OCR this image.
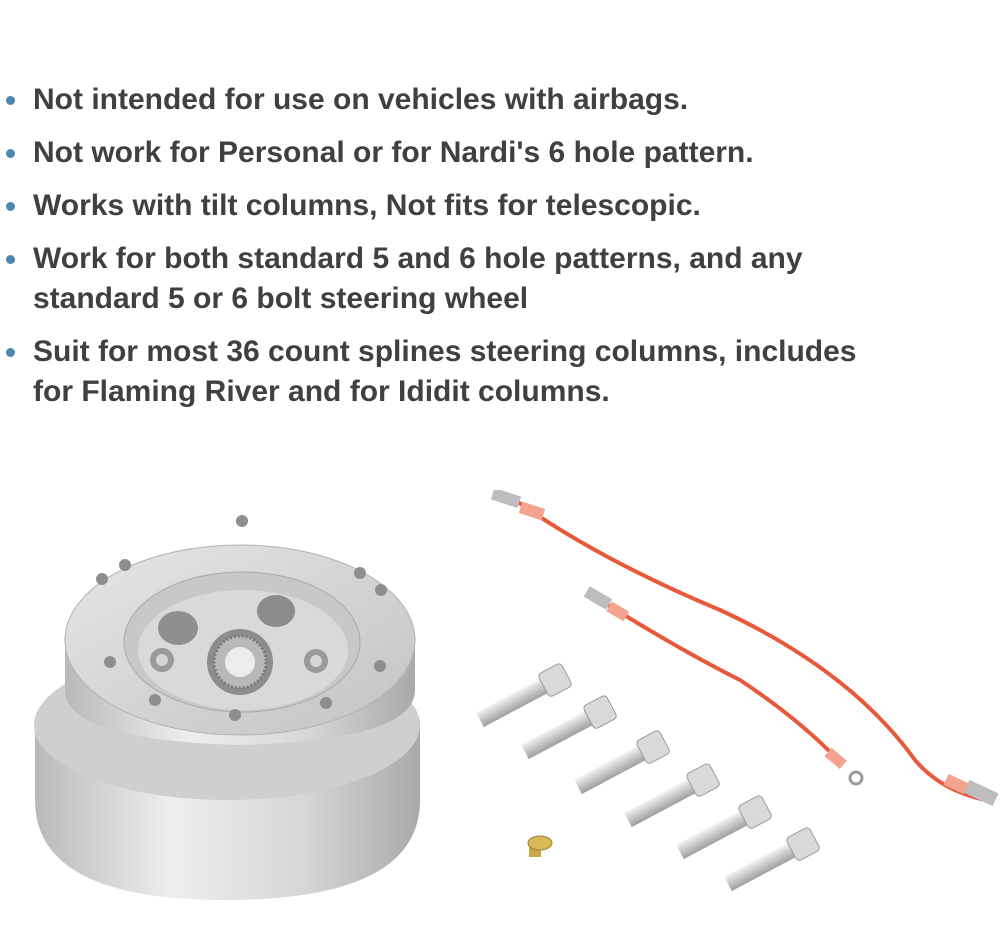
Not intended for use on vehicles with airbags.
Not work for Personal or for Nardi's 6 hole pattern.
Works with tilt columns, Not fits for telescopic.
Work for both standard 5 and 6 hole patterns, and any standard 5 or 6 bolt steering wheel
Suit for most 36 count splines steering columns, includes for Flaming River and for Ididit columns.
